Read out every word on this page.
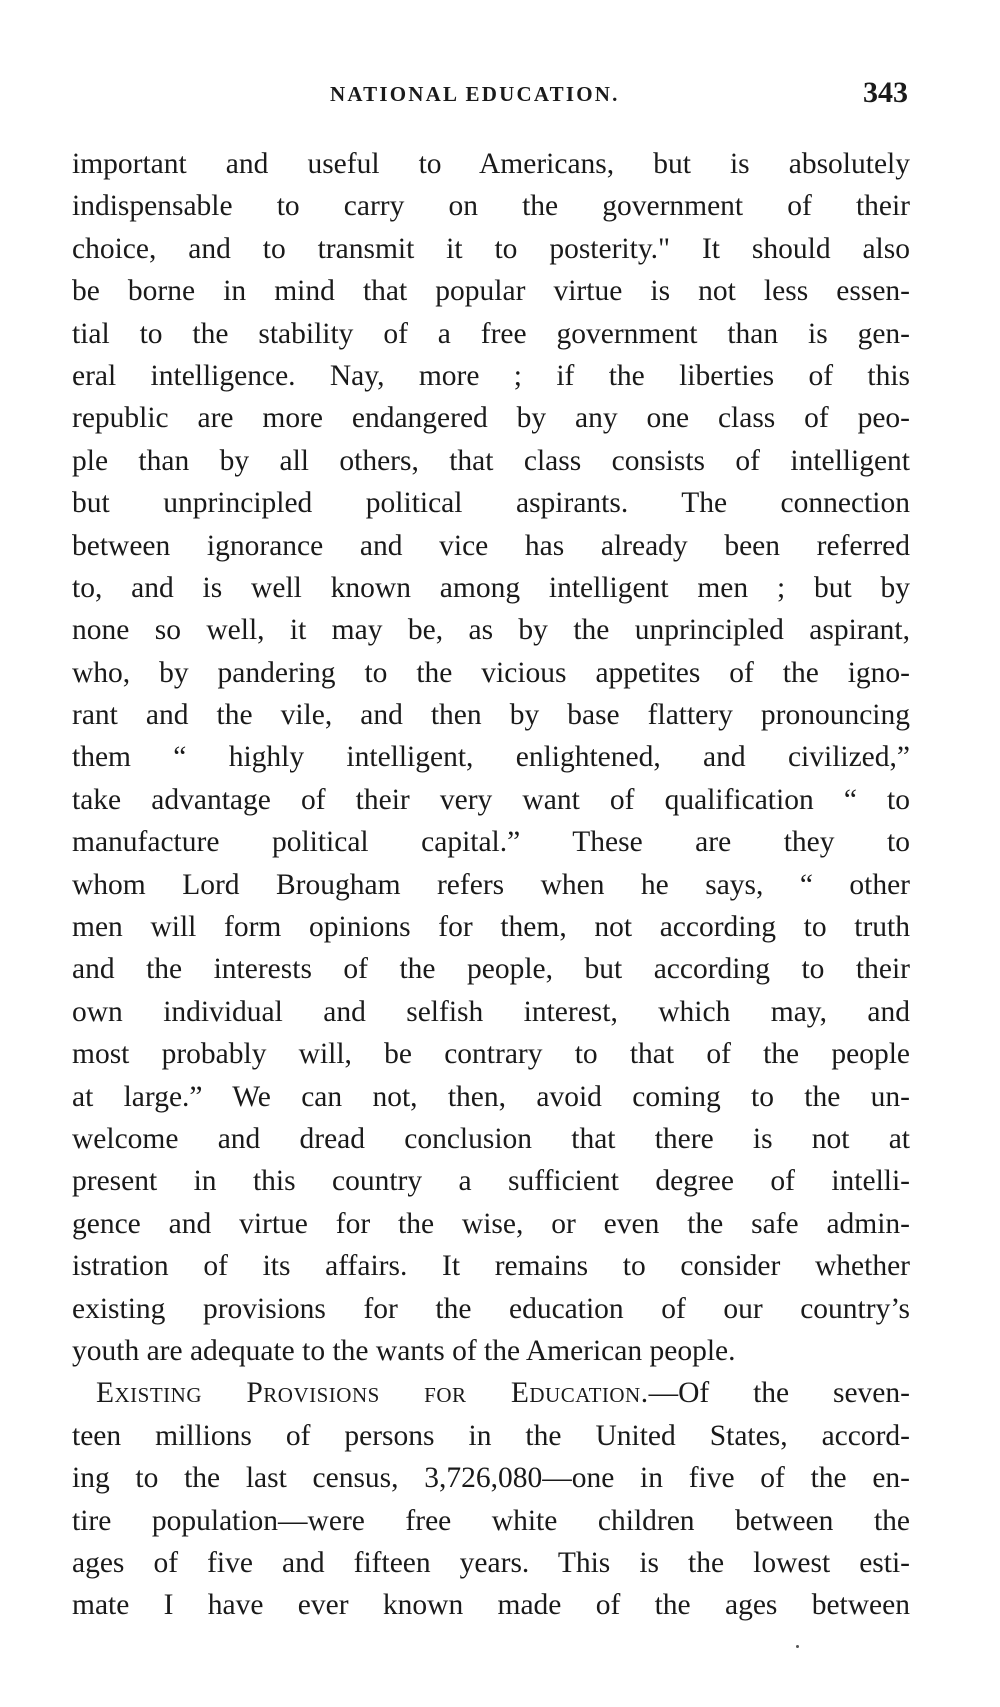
NATIONAL EDUCATION.	343
important and useful to Americans, but is absolutely
indispensable to carry on the government of their
choice, and to transmit it to posterity." It should also
be borne in mind that popular virtue is not less essen-
tial to the stability of a free government than is gen-
eral intelligence. Nay, more ; if the liberties of this
republic are more endangered by any one class of peo-
ple than by all others, that class consists of intelligent
but unprincipled political aspirants. The connection
between ignorance and vice has already been referred
to, and is well known among intelligent men ; but by
none so well, it may be, as by the unprincipled aspirant,
who, by pandering to the vicious appetites of the igno-
rant and the vile, and then by base flattery pronouncing
them “ highly intelligent, enlightened, and civilized,”
take advantage of their very want of qualification “ to
manufacture political capital.” These are they to
whom Lord Brougham refers when he says, “ other
men will form opinions for them, not according to truth
and the interests of the people, but according to their
own individual and selfish interest, which may, and
most probably will, be contrary to that of the people
at large.” We can not, then, avoid coming to the un-
welcome and dread conclusion that there is not at
present in this country a sufficient degree of intelli-
gence and virtue for the wise, or even the safe admin-
istration of its affairs. It remains to consider whether
existing provisions for the education of our country’s
youth are adequate to the wants of the American people.
Existing Provisions for Education.—Of the seven-
teen millions of persons in the United States, accord-
ing to the last census, 3,726,080—one in five of the en-
tire population—were free white children between the
ages of five and fifteen years. This is the lowest esti-
mate I have ever known made of the ages between
